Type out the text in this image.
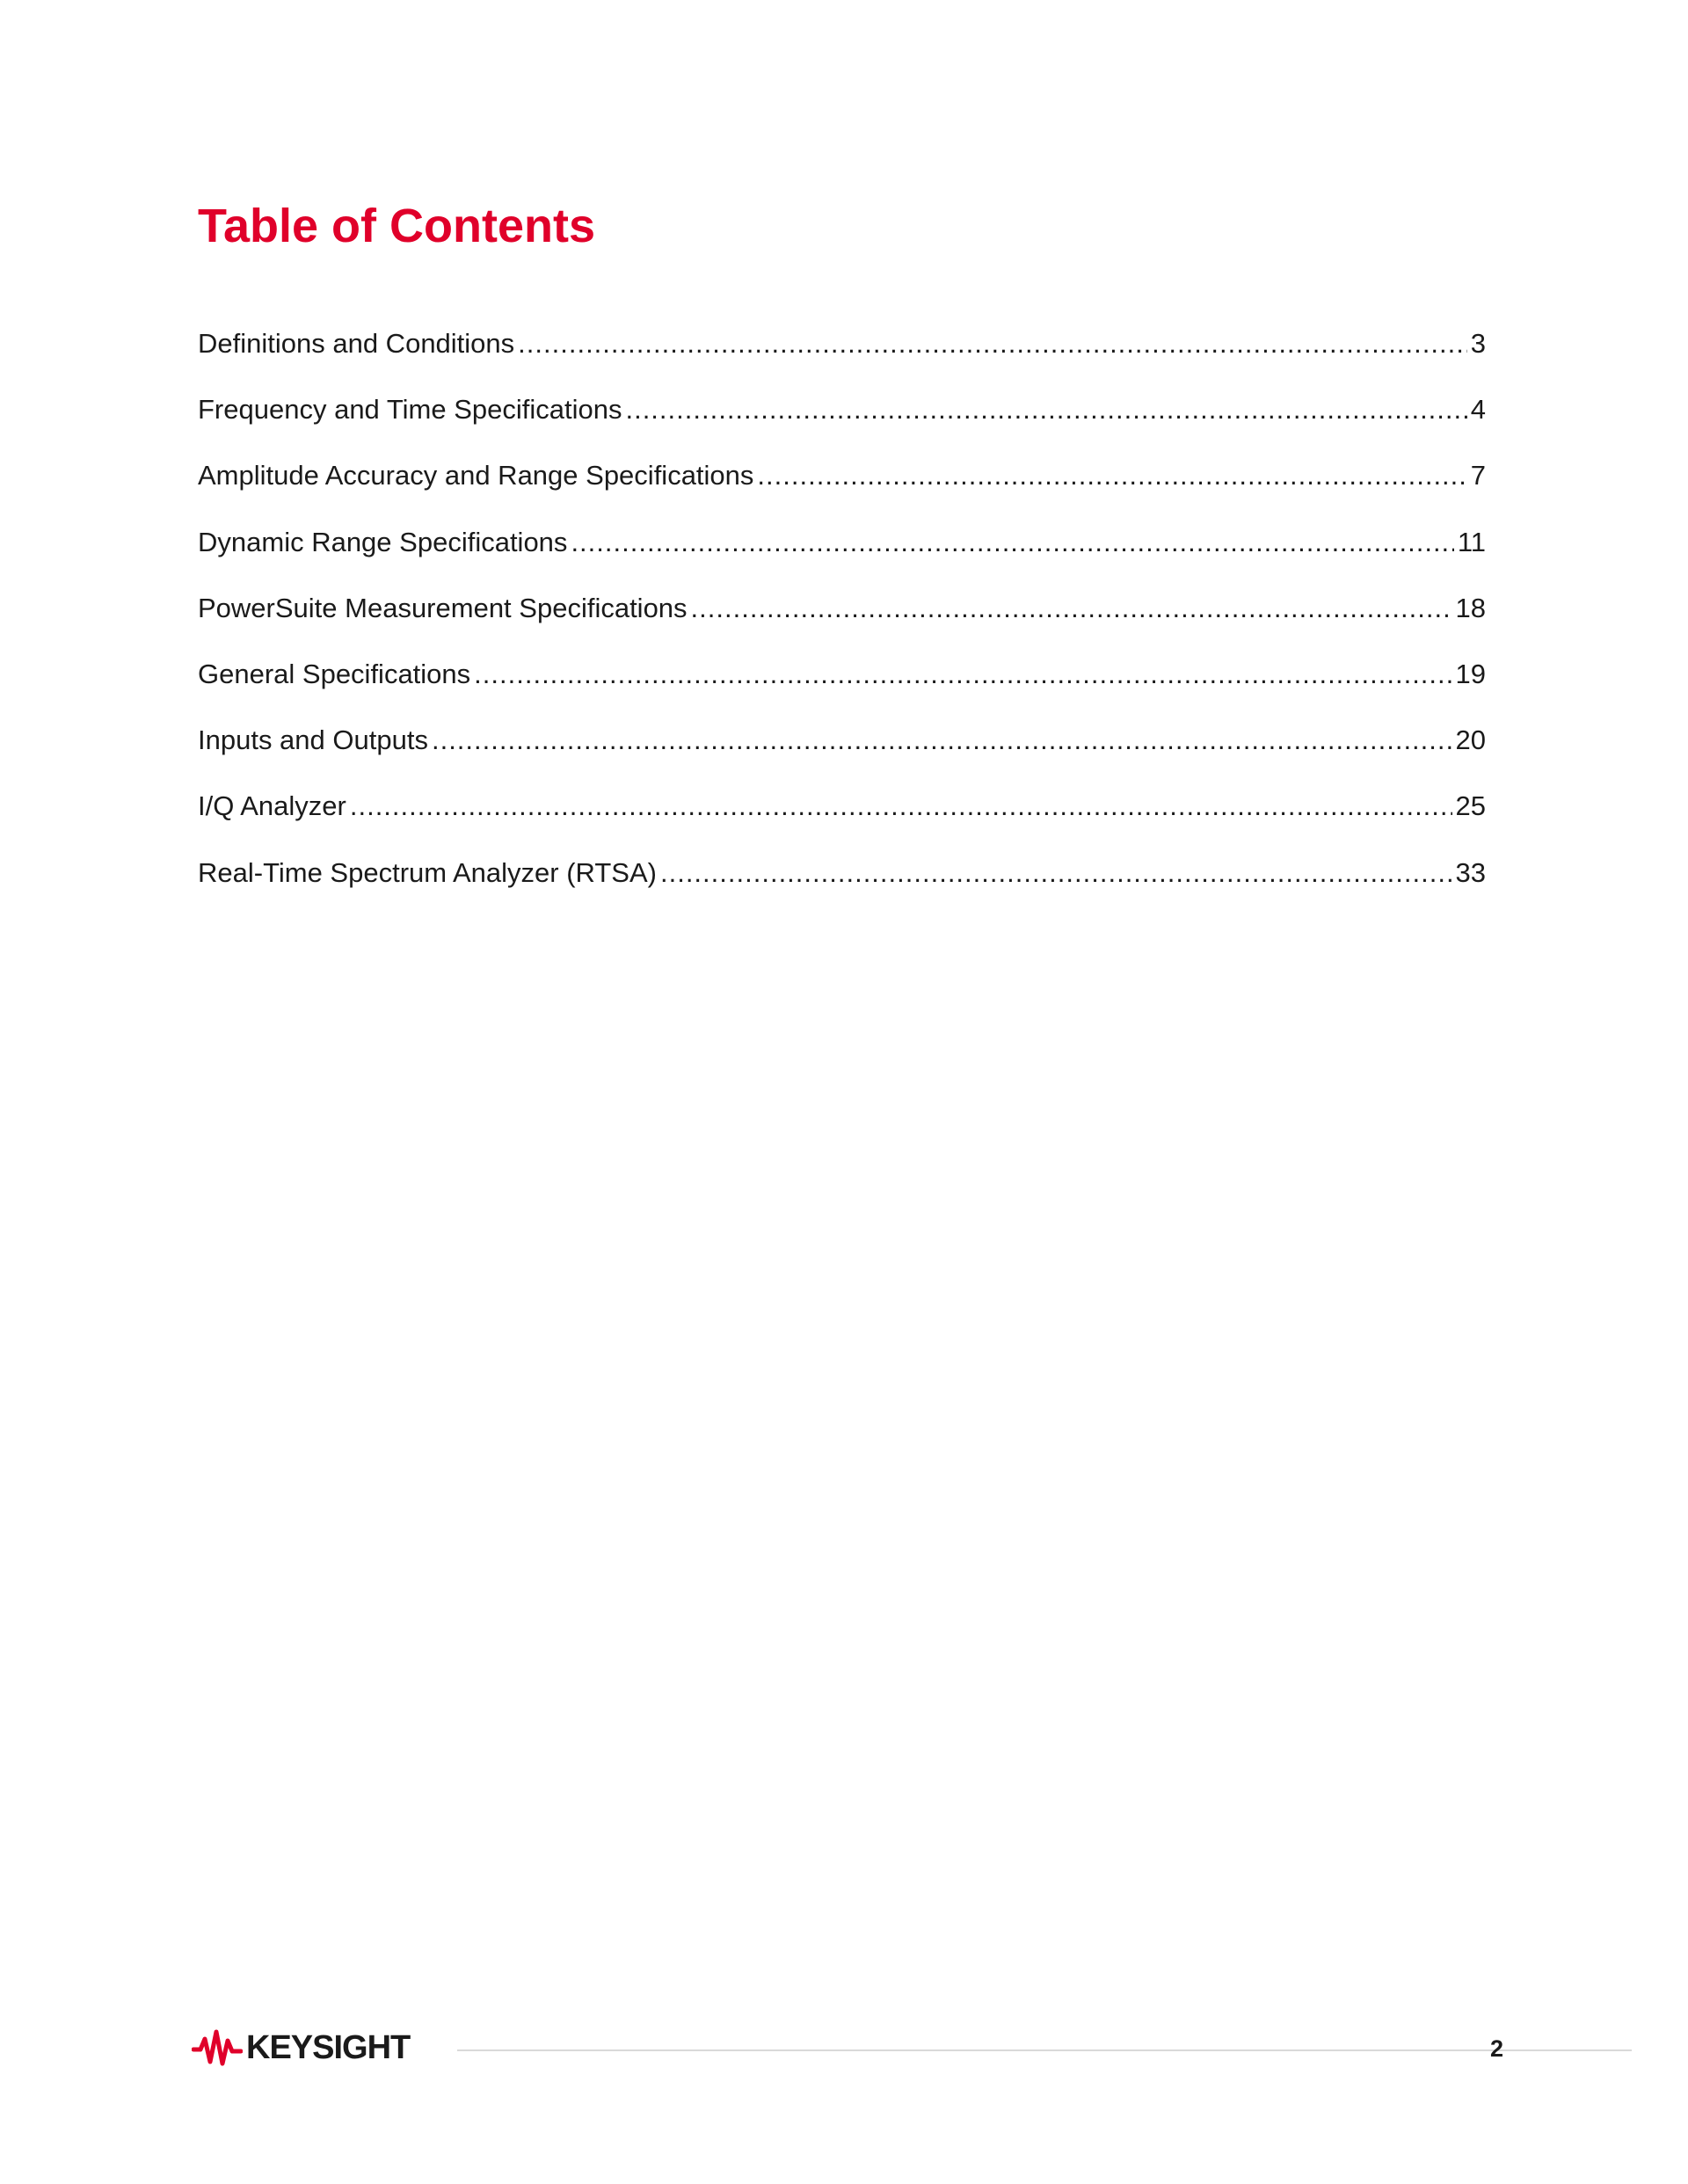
Table of Contents
Definitions and Conditions .....	3
Frequency and Time Specifications .....	4
Amplitude Accuracy and Range Specifications .....	7
Dynamic Range Specifications .....	11
PowerSuite Measurement Specifications .....	18
General Specifications .....	19
Inputs and Outputs .....	20
I/Q Analyzer .....	25
Real-Time Spectrum Analyzer (RTSA) .....	33
KEYSIGHT	2
